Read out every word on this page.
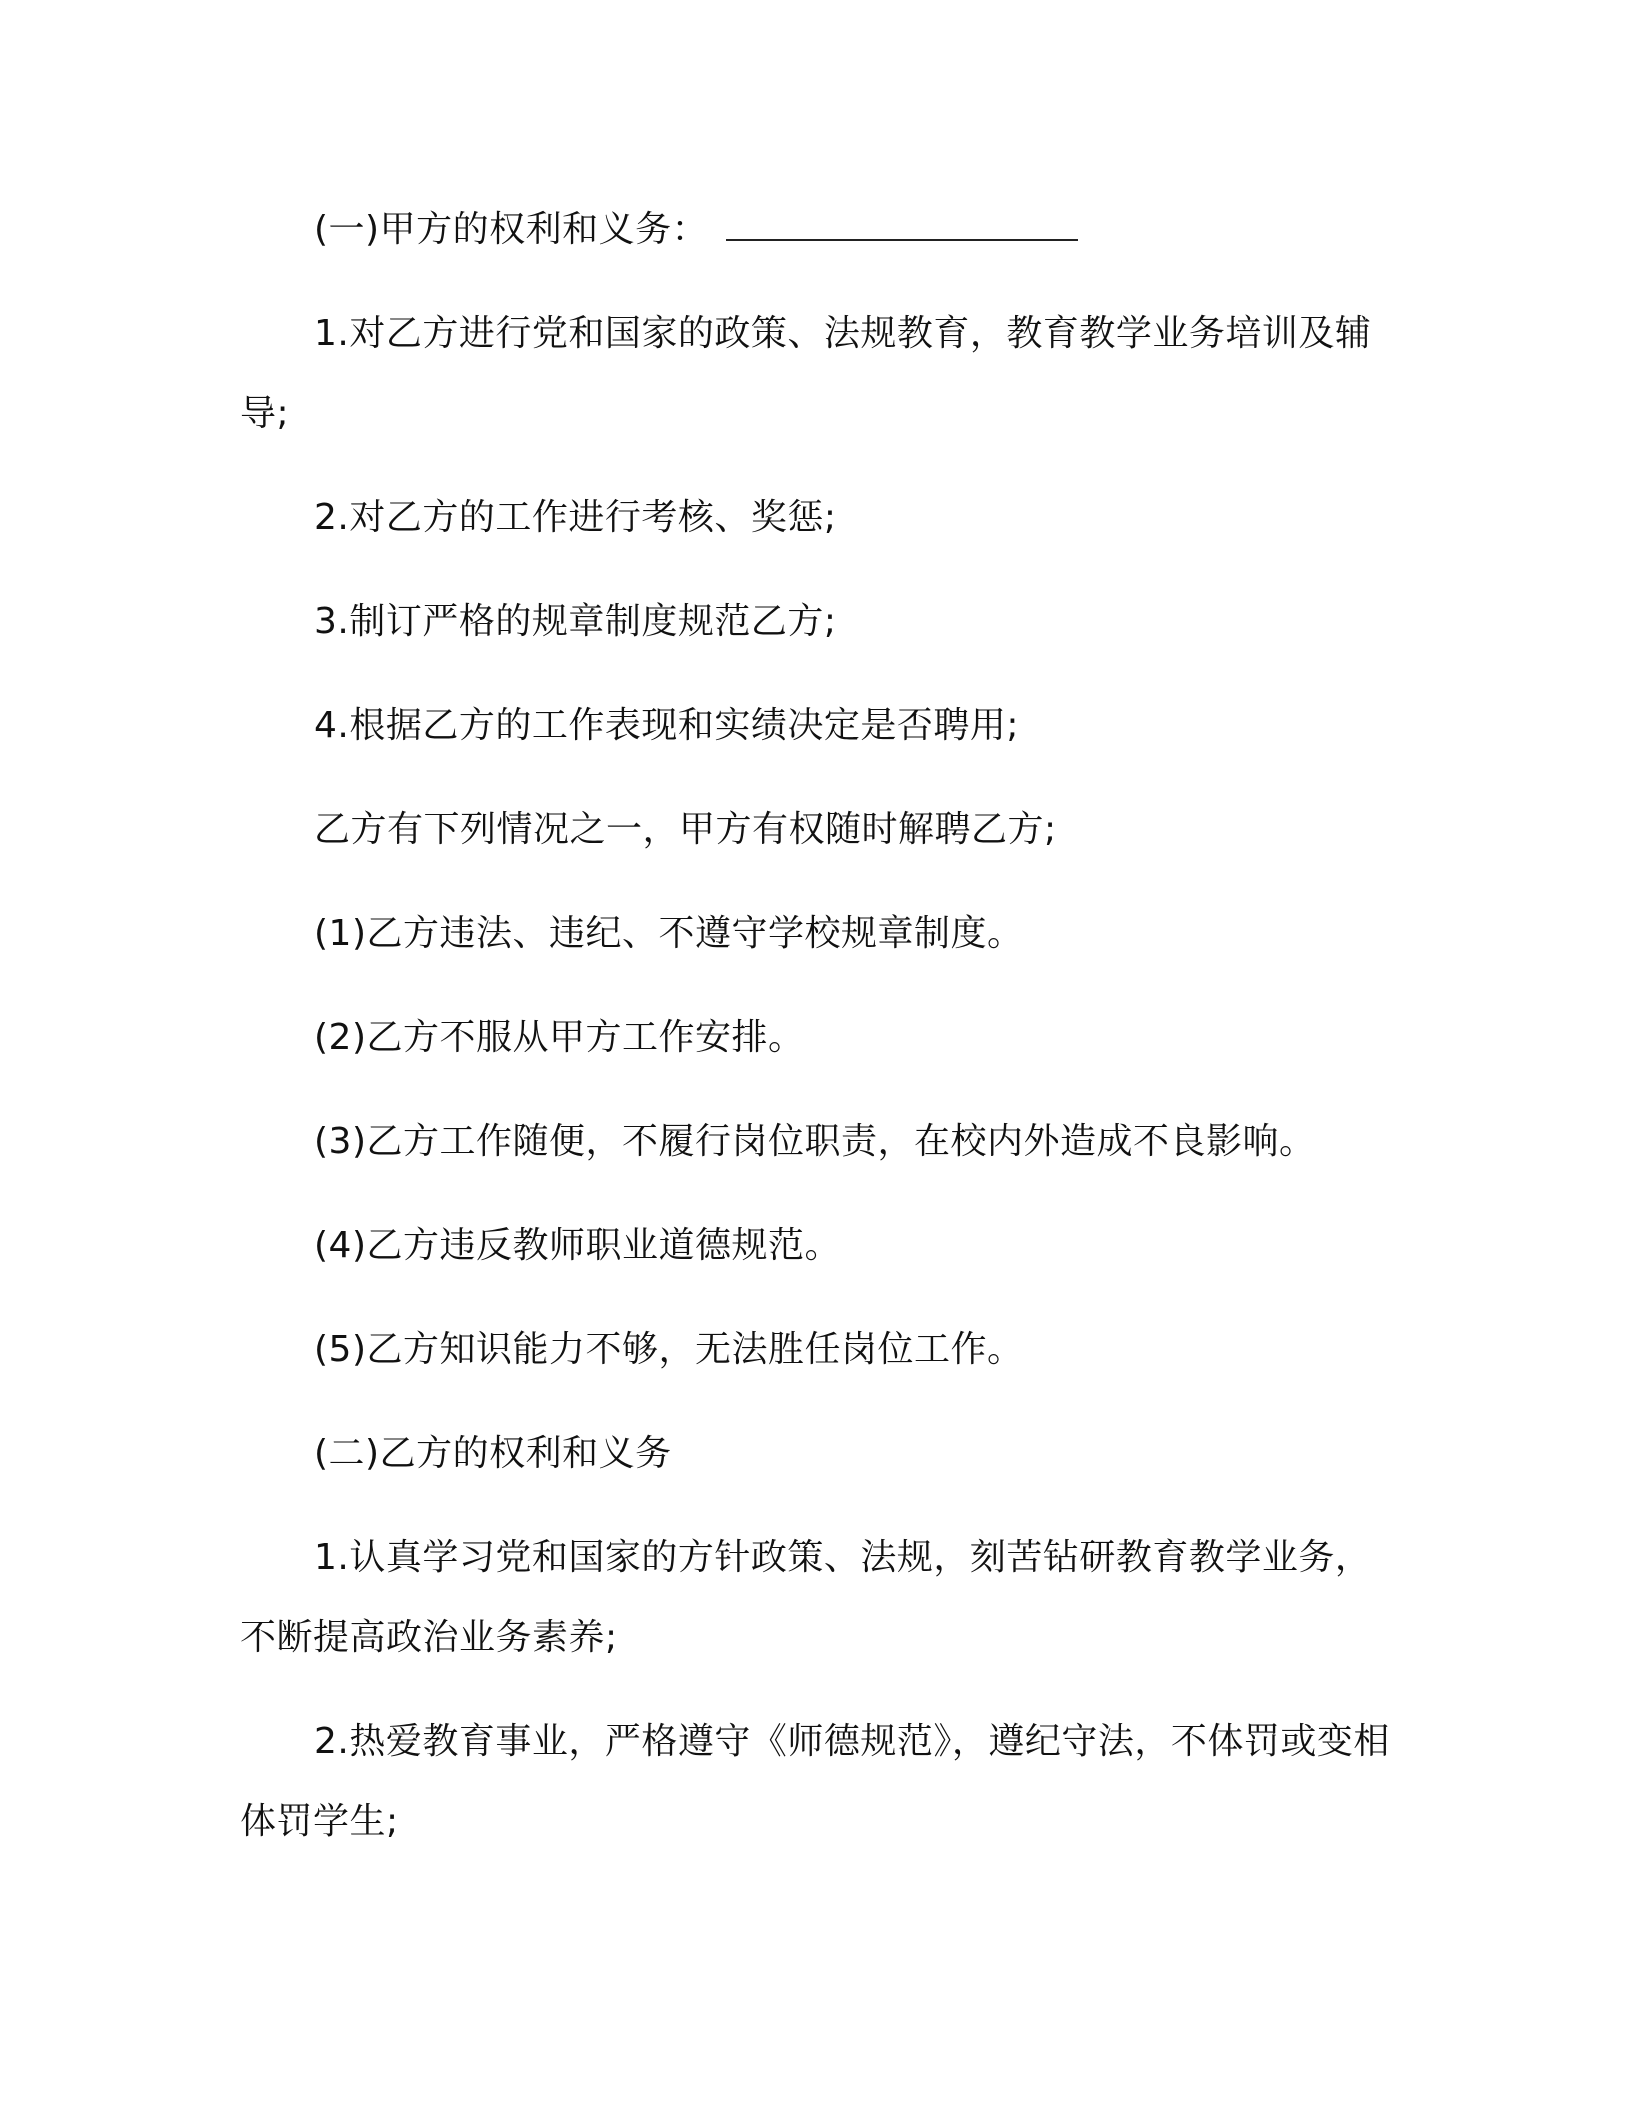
(一)甲方的权利和义务：

1.对乙方进行党和国家的政策、法规教育，教育教学业务培训及辅导;

2.对乙方的工作进行考核、奖惩;

3.制订严格的规章制度规范乙方;

4.根据乙方的工作表现和实绩决定是否聘用;

乙方有下列情况之一，甲方有权随时解聘乙方;

(1)乙方违法、违纪、不遵守学校规章制度。

(2)乙方不服从甲方工作安排。

(3)乙方工作随便，不履行岗位职责，在校内外造成不良影响。

(4)乙方违反教师职业道德规范。

(5)乙方知识能力不够，无法胜任岗位工作。

(二)乙方的权利和义务

1.认真学习党和国家的方针政策、法规，刻苦钻研教育教学业务，不断提高政治业务素养;

2.热爱教育事业，严格遵守《师德规范》，遵纪守法，不体罚或变相体罚学生;
